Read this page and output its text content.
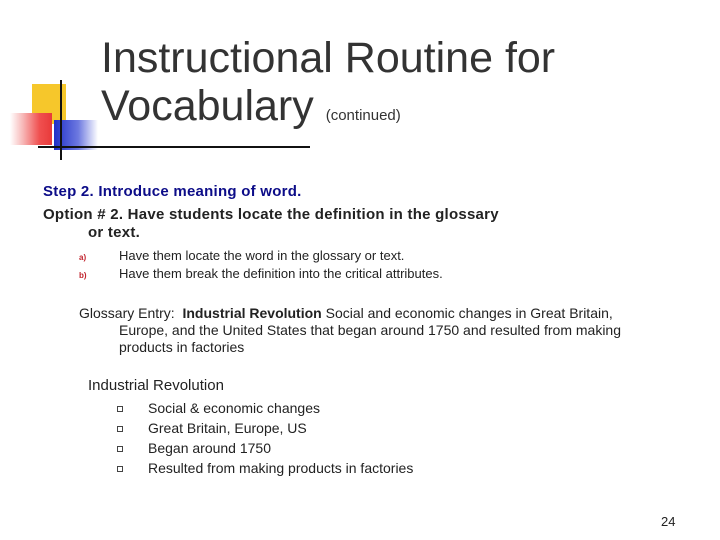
Instructional Routine for
Vocabulary (continued)
Step 2. Introduce meaning of word.
Option # 2. Have students locate the definition in the glossary
or text.
a)	Have them locate the word in the glossary or text.
b) Have them break the definition into the critical attributes.
Glossary Entry: Industrial Revolution Social and economic changes in Great Britain,
Europe, and the United States that began around 1750 and resulted from making
products in factories
Industrial Revolution
Social & economic changes
Great Britain, Europe, US
Began around 1750
Resulted from making products in factories
24
